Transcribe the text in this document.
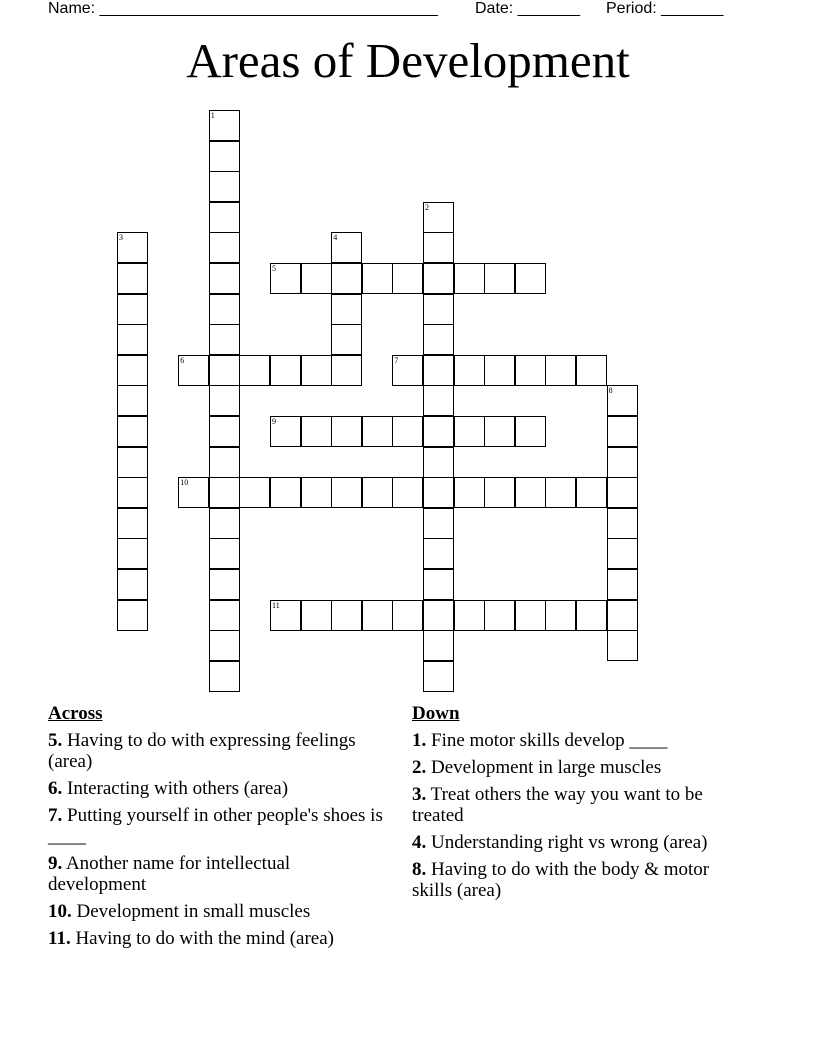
Name: ______________________________________ Date: _______ Period: _______
Areas of Development
1
2
3	4
5
6	7
8
9
10
11
Across
5. Having to do with expressing feelings (area)
6. Interacting with others (area)
7. Putting yourself in other people's shoes is ____
9. Another name for intellectual development
10. Development in small muscles
11. Having to do with the mind (area)
Down
1. Fine motor skills develop ____
2. Development in large muscles
3. Treat others the way you want to be treated
4. Understanding right vs wrong (area)
8. Having to do with the body & motor skills (area)
